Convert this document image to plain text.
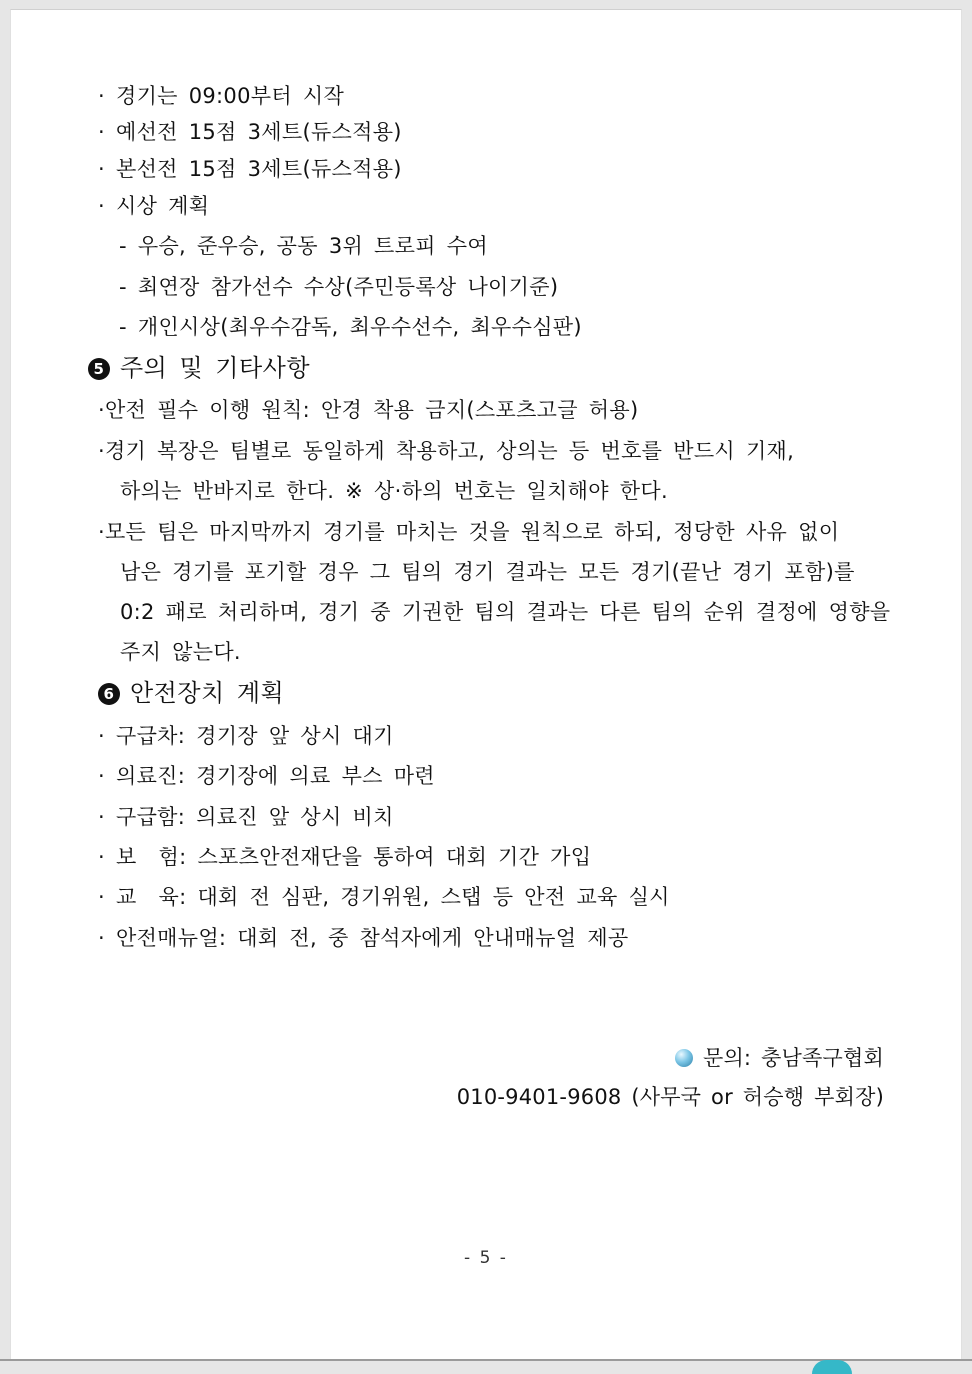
· 경기는 09:00부터 시작
· 예선전 15점 3세트(듀스적용)
· 본선전 15점 3세트(듀스적용)
· 시상 계획
- 우승, 준우승, 공동 3위 트로피 수여
- 최연장 참가선수 수상(주민등록상 나이기준)
- 개인시상(최우수감독, 최우수선수, 최우수심판)
5 주의 및 기타사항
·안전 필수 이행 원칙: 안경 착용 금지(스포츠고글 허용)
·경기 복장은 팀별로 동일하게 착용하고, 상의는 등 번호를 반드시 기재,
하의는 반바지로 한다. ※ 상·하의 번호는 일치해야 한다.
·모든 팀은 마지막까지 경기를 마치는 것을 원칙으로 하되, 정당한 사유 없이
남은 경기를 포기할 경우 그 팀의 경기 결과는 모든 경기(끝난 경기 포함)를
0:2 패로 처리하며, 경기 중 기권한 팀의 결과는 다른 팀의 순위 결정에 영향을
주지 않는다.
6 안전장치 계획
· 구급차: 경기장 앞 상시 대기
· 의료진: 경기장에 의료 부스 마련
· 구급함: 의료진 앞 상시 비치
· 보  험: 스포츠안전재단을 통하여 대회 기간 가입
· 교  육: 대회 전 심판, 경기위원, 스탭 등 안전 교육 실시
· 안전매뉴얼: 대회 전, 중 참석자에게 안내매뉴얼 제공
문의: 충남족구협회
010-9401-9608 (사무국 or 허승행 부회장)
- 5 -
